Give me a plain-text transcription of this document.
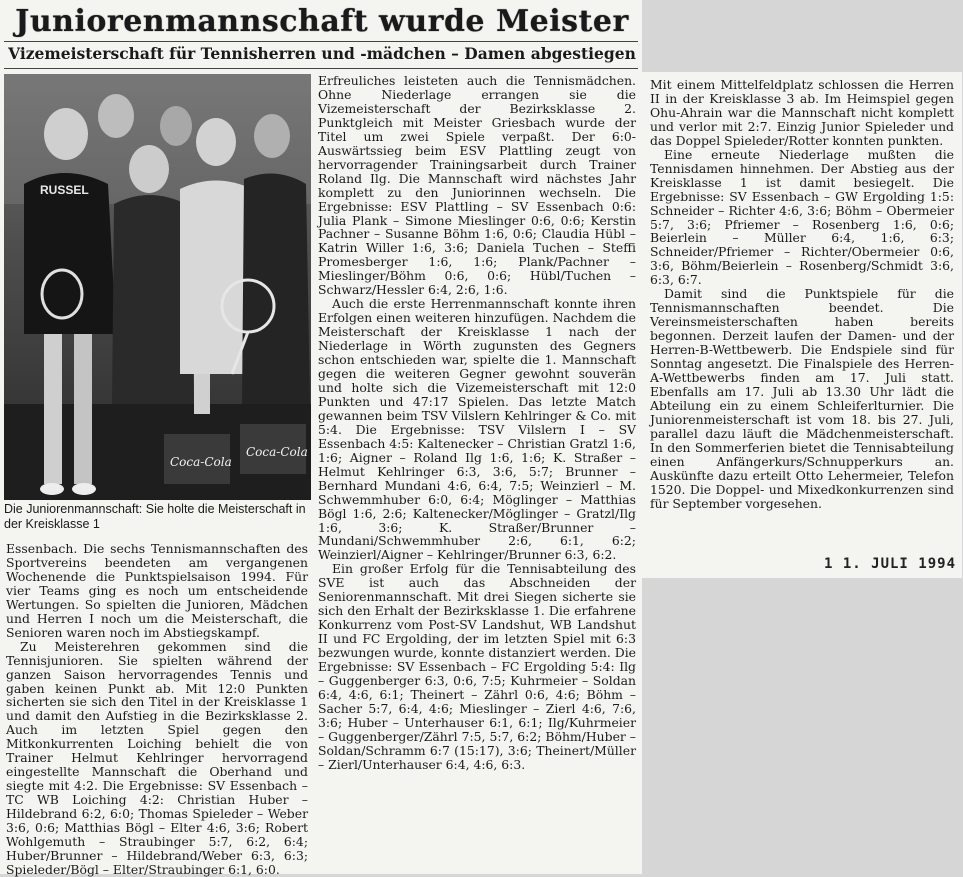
Juniorenmannschaft wurde Meister
Vizemeisterschaft für Tennisherren und -mädchen – Damen abgestiegen
RUSSEL
Coca-Cola
Coca-Cola
Die Juniorenmannschaft: Sie holte die Meisterschaft in der Kreisklasse 1

Essenbach. Die sechs Tennismannschaften des Sportvereins beendeten am vergangenen Wochenende die Punktspielsaison 1994. Für vier Teams ging es noch um entscheidende Wertungen. So spielten die Junioren, Mädchen und Herren I noch um die Meisterschaft, die Senioren waren noch im Abstiegskampf.

Zu Meisterehren gekommen sind die Tennisjunioren. Sie spielten während der ganzen Saison hervorragendes Tennis und gaben keinen Punkt ab. Mit 12:0 Punkten sicherten sie sich den Titel in der Kreisklasse 1 und damit den Aufstieg in die Bezirksklasse 2. Auch im letzten Spiel gegen den Mitkonkurrenten Loiching behielt die von Trainer Helmut Kehlringer hervorragend eingestellte Mannschaft die Oberhand und siegte mit 4:2. Die Ergebnisse: SV Essenbach – TC WB Loiching 4:2: Christian Huber – Hildebrand 6:2, 6:0; Thomas Spieleder – Weber 3:6, 0:6; Matthias Bögl – Elter 4:6, 3:6; Robert Wohlgemuth – Straubinger 5:7, 6:2, 6:4; Huber/Brunner – Hildebrand/Weber 6:3, 6:3; Spieleder/Bögl – Elter/Straubinger 6:1, 6:0.

Erfreuliches leisteten auch die Tennismädchen. Ohne Niederlage errangen sie die Vizemeisterschaft der Bezirksklasse 2. Punktgleich mit Meister Griesbach wurde der Titel um zwei Spiele verpaßt. Der 6:0-Auswärtssieg beim ESV Plattling zeugt von hervorragender Trainingsarbeit durch Trainer Roland Ilg. Die Mannschaft wird nächstes Jahr komplett zu den Juniorinnen wechseln. Die Ergebnisse: ESV Plattling – SV Essenbach 0:6: Julia Plank – Simone Mieslinger 0:6, 0:6; Kerstin Pachner – Susanne Böhm 1:6, 0:6; Claudia Hübl – Katrin Willer 1:6, 3:6; Daniela Tuchen – Steffi Promesberger 1:6, 1:6; Plank/Pachner – Mieslinger/Böhm 0:6, 0:6; Hübl/Tuchen – Schwarz/Hessler 6:4, 2:6, 1:6.

Auch die erste Herrenmannschaft konnte ihren Erfolgen einen weiteren hinzufügen. Nachdem die Meisterschaft der Kreisklasse 1 nach der Niederlage in Wörth zugunsten des Gegners schon entschieden war, spielte die 1. Mannschaft gegen die weiteren Gegner gewohnt souverän und holte sich die Vizemeisterschaft mit 12:0 Punkten und 47:17 Spielen. Das letzte Match gewannen beim TSV Vilslern Kehlringer & Co. mit 5:4. Die Ergebnisse: TSV Vilslern I – SV Essenbach 4:5: Kaltenecker – Christian Gratzl 1:6, 1:6; Aigner – Roland Ilg 1:6, 1:6; K. Straßer – Helmut Kehlringer 6:3, 3:6, 5:7; Brunner – Bernhard Mundani 4:6, 6:4, 7:5; Weinzierl – M. Schwemmhuber 6:0, 6:4; Möglinger – Matthias Bögl 1:6, 2:6; Kaltenecker/Möglinger – Gratzl/Ilg 1:6, 3:6; K. Straßer/Brunner – Mundani/Schwemmhuber 2:6, 6:1, 6:2; Weinzierl/Aigner – Kehlringer/Brunner 6:3, 6:2.

Ein großer Erfolg für die Tennisabteilung des SVE ist auch das Abschneiden der Seniorenmannschaft. Mit drei Siegen sicherte sie sich den Erhalt der Bezirksklasse 1. Die erfahrene Konkurrenz vom Post-SV Landshut, WB Landshut II und FC Ergolding, der im letzten Spiel mit 6:3 bezwungen wurde, konnte distanziert werden. Die Ergebnisse: SV Essenbach – FC Ergolding 5:4: Ilg – Guggenberger 6:3, 0:6, 7:5; Kuhrmeier – Soldan 6:4, 4:6, 6:1; Theinert – Zährl 0:6, 4:6; Böhm – Sacher 5:7, 6:4, 4:6; Mieslinger – Zierl 4:6, 7:6, 3:6; Huber – Unterhauser 6:1, 6:1; Ilg/Kuhrmeier – Guggenberger/Zährl 7:5, 5:7, 6:2; Böhm/Huber – Soldan/Schramm 6:7 (15:17), 3:6; Theinert/Müller – Zierl/Unterhauser 6:4, 4:6, 6:3.

Mit einem Mittelfeldplatz schlossen die Herren II in der Kreisklasse 3 ab. Im Heimspiel gegen Ohu-Ahrain war die Mannschaft nicht komplett und verlor mit 2:7. Einzig Junior Spieleder und das Doppel Spieleder/Rotter konnten punkten.

Eine erneute Niederlage mußten die Tennisdamen hinnehmen. Der Abstieg aus der Kreisklasse 1 ist damit besiegelt. Die Ergebnisse: SV Essenbach – GW Ergolding 1:5: Schneider – Richter 4:6, 3:6; Böhm – Obermeier 5:7, 3:6; Pfriemer – Rosenberg 1:6, 0:6; Beierlein – Müller 6:4, 1:6, 6:3; Schneider/Pfriemer – Richter/Obermeier 0:6, 3:6, Böhm/Beierlein – Rosenberg/Schmidt 3:6, 6:3, 6:7.

Damit sind die Punktspiele für die Tennismannschaften beendet. Die Vereinsmeisterschaften haben bereits begonnen. Derzeit laufen der Damen- und der Herren-B-Wettbewerb. Die Endspiele sind für Sonntag angesetzt. Die Finalspiele des Herren-A-Wettbewerbs finden am 17. Juli statt. Ebenfalls am 17. Juli ab 13.30 Uhr lädt die Abteilung ein zu einem Schleiferlturnier. Die Juniorenmeisterschaft ist vom 18. bis 27. Juli, parallel dazu läuft die Mädchenmeisterschaft. In den Sommerferien bietet die Tennisabteilung einen Anfängerkurs/Schnupperkurs an. Auskünfte dazu erteilt Otto Lehermeier, Telefon 1520. Die Doppel- und Mixedkonkurrenzen sind für September vorgesehen.

1 1. JULI 1994
